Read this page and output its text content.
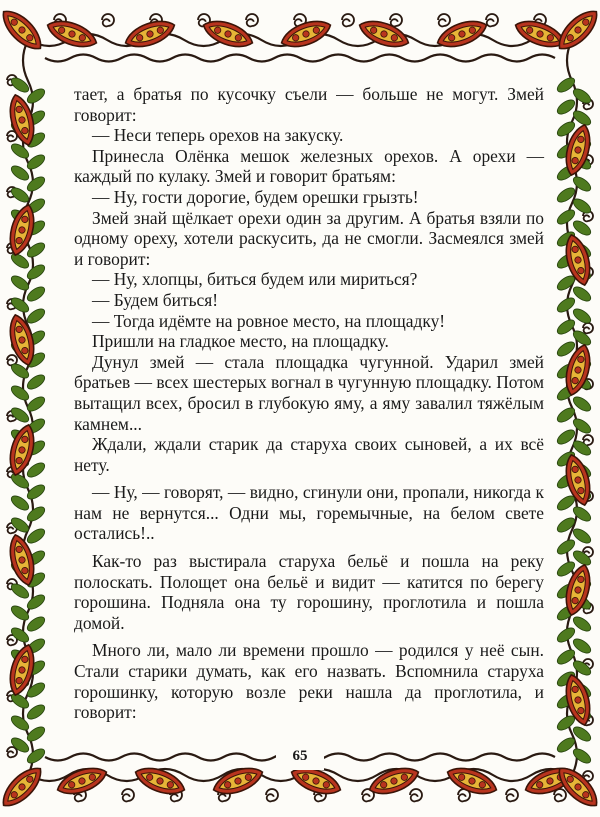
тает, а братья по кусочку съели — больше не могут. Змей говорит:

— Неси теперь орехов на закуску.

Принесла Олёнка мешок железных орехов. А орехи — каждый по кулаку. Змей и говорит братьям:

— Ну, гости дорогие, будем орешки грызть!

Змей знай щёлкает орехи один за другим. А братья взяли по одному ореху, хотели раскусить, да не смогли. Засмеялся змей и говорит:

— Ну, хлопцы, биться будем или мириться?

— Будем биться!

— Тогда идёмте на ровное место, на площадку!

Пришли на гладкое место, на площадку.

Дунул змей — стала площадка чугунной. Ударил змей братьев — всех шестерых вогнал в чугунную площадку. Потом вытащил всех, бросил в глубокую яму, а яму завалил тяжёлым камнем...

Ждали, ждали старик да старуха своих сыновей, а их всё нету.

— Ну, — говорят, — видно, сгинули они, пропали, никогда к нам не вернутся... Одни мы, горемычные, на белом свете остались!..

Как-то раз выстирала старуха бельё и пошла на реку полоскать. Полощет она бельё и видит — катится по берегу горошина. Подняла она ту горошину, проглотила и пошла домой.

Много ли, мало ли времени прошло — родился у неё сын. Стали старики думать, как его назвать. Вспомнила старуха горошинку, которую возле реки нашла да проглотила, и говорит:

65
